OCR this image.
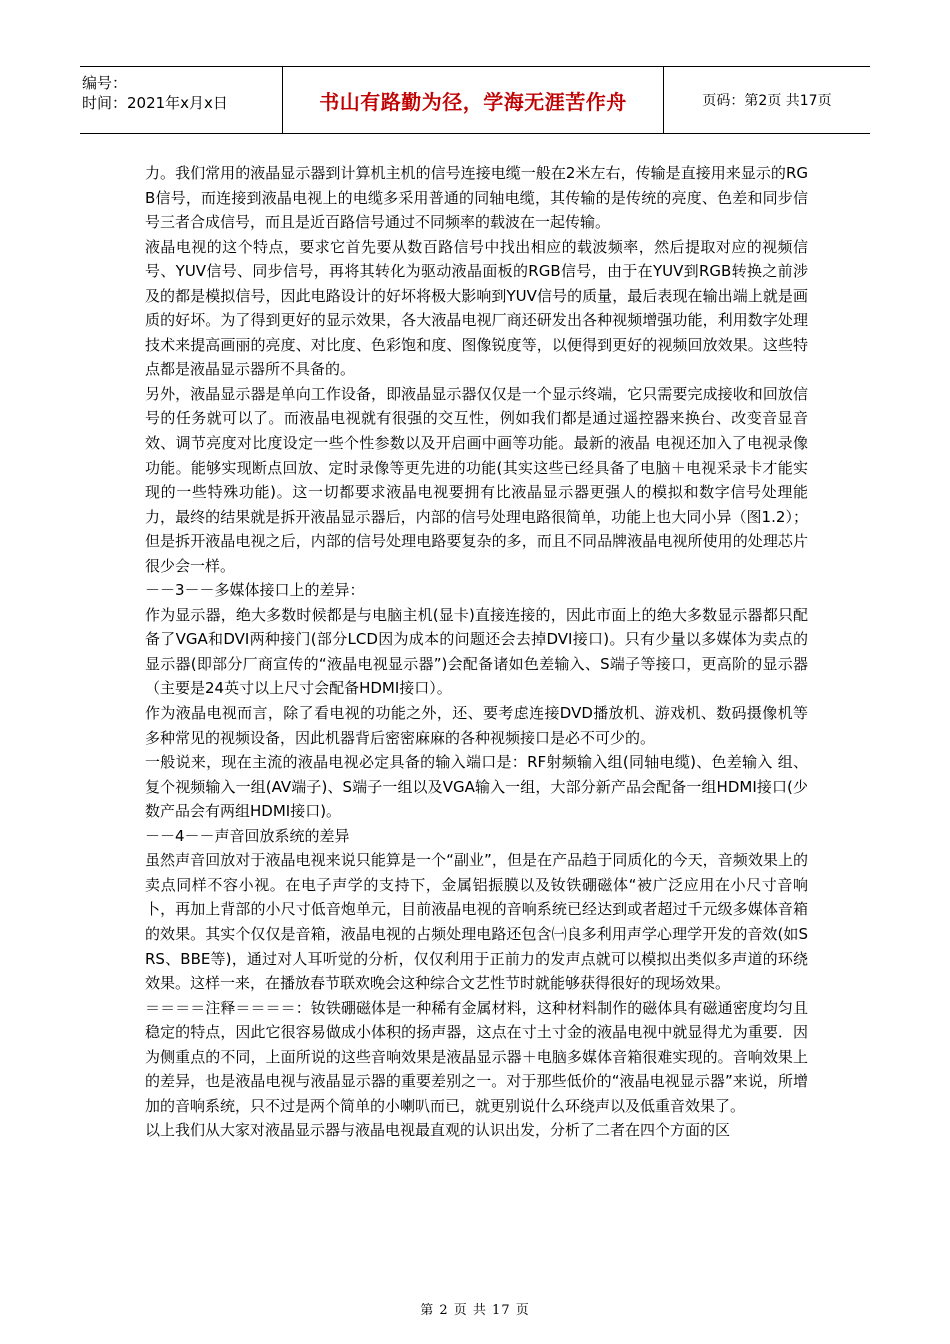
编号：
时间：2021年x月x日	书山有路勤为径，学海无涯苦作舟	页码：第2页 共17页

力。我们常用的液晶显示器到计算机主机的信号连接电缆一般在2米左右，传输是直接用来显示的RGB信号，而连接到液晶电视上的电缆多采用普通的同轴电缆，其传输的是传统的亮度、色差和同步信号三者合成信号，而且是近百路信号通过不同频率的载波在一起传输。

液晶电视的这个特点，要求它首先要从数百路信号中找出相应的载波频率，然后提取对应的视频信号、YUV信号、同步信号，再将其转化为驱动液晶面板的RGB信号，由于在YUV到RGB转换之前涉及的都是模拟信号，因此电路设计的好坏将极大影响到YUV信号的质量，最后表现在输出端上就是画质的好坏。为了得到更好的显示效果，各大液晶电视厂商还研发出各种视频增强功能，利用数字处理技术来提高画丽的亮度、对比度、色彩饱和度、图像锐度等，以便得到更好的视频回放效果。这些特点都是液晶显示器所不具备的。

另外，液晶显示器是单向工作设备，即液晶显示器仅仅是一个显示终端，它只需要完成接收和回放信号的任务就可以了。而液晶电视就有很强的交互性，例如我们都是通过遥控器来换台、改变音显音效、调节亮度对比度设定一些个性参数以及开启画中画等功能。最新的液晶 电视还加入了电视录像功能。能够实现断点回放、定时录像等更先进的功能(其实这些已经具备了电脑＋电视采录卡才能实现的一些特殊功能)。这一切都要求液晶电视要拥有比液晶显示器更强人的模拟和数字信号处理能力，最终的结果就是拆开液晶显示器后，内部的信号处理电路很简单，功能上也大同小异（图1.2）；但是拆开液晶电视之后，内部的信号处理电路要复杂的多，而且不同品牌液晶电视所使用的处理芯片很少会一样。

－－3－－多媒体接口上的差异：

作为显示器，绝大多数时候都是与电脑主机(显卡)直接连接的，因此市面上的绝大多数显示器都只配备了VGA和DVI两种接门(部分LCD因为成本的问题还会去掉DVI接口)。只有少量以多媒体为卖点的显示器(即部分厂商宣传的“液晶电视显示器”)会配备诸如色差输入、S端子等接口，更高阶的显示器（主要是24英寸以上尺寸会配备HDMI接口）。

作为液晶电视而言，除了看电视的功能之外，还、要考虑连接DVD播放机、游戏机、数码摄像机等多种常见的视频设备，因此机器背后密密麻麻的各种视频接口是必不可少的。

一般说来，现在主流的液晶电视必定具备的输入端口是：RF射频输入组(同轴电缆)、色差输入 组、复个视频输入一组(AV端子)、S端子一组以及VGA输入一组，大部分新产品会配备一组HDMI接口(少数产品会有两组HDMI接口)。

－－4－－声音回放系统的差异

虽然声音回放对于液晶电视来说只能算是一个“副业”，但是在产品趋于同质化的今天，音频效果上的卖点同样不容小视。在电子声学的支持下，金属铝振膜以及钕铁硼磁体“被广泛应用在小尺寸音响卜，再加上背部的小尺寸低音炮单元，目前液晶电视的音响系统已经达到或者超过千元级多媒体音箱的效果。其实个仅仅是音箱，液晶电视的占频处理电路还包含㈠良多利用声学心理学开发的音效(如SRS、BBE等)，通过对人耳听觉的分析，仅仅利用于正前力的发声点就可以模拟出类似多声道的环绕效果。这样一来，在播放春节联欢晚会这种综合文艺性节时就能够获得很好的现场效果。

＝＝＝＝注释＝＝＝＝：钕铁硼磁体是一种稀有金属材料，这种材料制作的磁体具有磁通密度均匀且稳定的特点，因此它很容易做成小体积的扬声器，这点在寸土寸金的液晶电视中就显得尤为重要．因为侧重点的不同，上面所说的这些音响效果是液晶显示器＋电脑多媒体音箱很难实现的。音响效果上的差异，也是液晶电视与液晶显示器的重要差别之一。对于那些低价的“液晶电视显示器”来说，所增加的音响系统，只不过是两个简单的小喇叭而已，就更别说什么环绕声以及低重音效果了。

以上我们从大家对液晶显示器与液晶电视最直观的认识出发，分析了二者在四个方面的区

第 2 页 共 17 页
